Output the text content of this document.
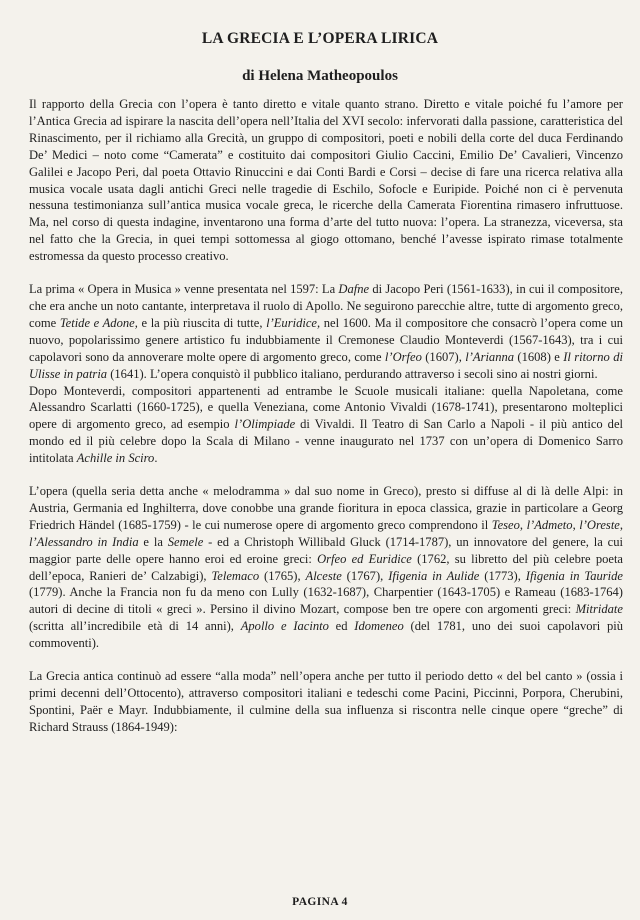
LA GRECIA E L’OPERA LIRICA
di Helena Matheopoulos

Il rapporto della Grecia con l’opera è tanto diretto e vitale quanto strano. Diretto e vitale poiché fu l’amore per l’Antica Grecia ad ispirare la nascita dell’opera nell’Italia del XVI secolo: infervorati dalla passione, caratteristica del Rinascimento, per il richiamo alla Grecità, un gruppo di compositori, poeti e nobili della corte del duca Ferdinando De’ Medici – noto come “Camerata” e costituito dai compositori Giulio Caccini, Emilio De’ Cavalieri, Vincenzo Galilei e Jacopo Peri, dal poeta Ottavio Rinuccini e dai Conti Bardi e Corsi – decise di fare una ricerca relativa alla musica vocale usata dagli antichi Greci nelle tragedie di Eschilo, Sofocle e Euripide. Poiché non ci è pervenuta nessuna testimonianza sull’antica musica vocale greca, le ricerche della Camerata Fiorentina rimasero infruttuose. Ma, nel corso di questa indagine, inventarono una forma d’arte del tutto nuova: l’opera. La stranezza, viceversa, sta nel fatto che la Grecia, in quei tempi sottomessa al giogo ottomano, benché l’avesse ispirato rimase totalmente estromessa da questo processo creativo.

La prima « Opera in Musica » venne presentata nel 1597: La Dafne di Jacopo Peri (1561-1633), in cui il compositore, che era anche un noto cantante, interpretava il ruolo di Apollo. Ne seguirono parecchie altre, tutte di argomento greco, come Tetide e Adone, e la più riuscita di tutte, l’Euridice, nel 1600. Ma il compositore che consacrò l’opera come un nuovo, popolarissimo genere artistico fu indubbiamente il Cremonese Claudio Monteverdi (1567-1643), tra i cui capolavori sono da annoverare molte opere di argomento greco, come l’Orfeo (1607), l’Arianna (1608) e Il ritorno di Ulisse in patria (1641). L’opera conquistò il pubblico italiano, perdurando attraverso i secoli sino ai nostri giorni.

Dopo Monteverdi, compositori appartenenti ad entrambe le Scuole musicali italiane: quella Napoletana, come Alessandro Scarlatti (1660-1725), e quella Veneziana, come Antonio Vivaldi (1678-1741), presentarono molteplici opere di argomento greco, ad esempio l’Olimpiade di Vivaldi. Il Teatro di San Carlo a Napoli - il più antico del mondo ed il più celebre dopo la Scala di Milano - venne inaugurato nel 1737 con un’opera di Domenico Sarro intitolata Achille in Sciro.

L’opera (quella seria detta anche « melodramma » dal suo nome in Greco), presto si diffuse al di là delle Alpi: in Austria, Germania ed Inghilterra, dove conobbe una grande fioritura in epoca classica, grazie in particolare a Georg Friedrich Händel (1685-1759) - le cui numerose opere di argomento greco comprendono il Teseo, l’Admeto, l’Oreste, l’Alessandro in India e la Semele - ed a Christoph Willibald Gluck (1714-1787), un innovatore del genere, la cui maggior parte delle opere hanno eroi ed eroine greci: Orfeo ed Euridice (1762, su libretto del più celebre poeta dell’epoca, Ranieri de’ Calzabigi), Telemaco (1765), Alceste (1767), Ifigenia in Aulide (1773), Ifigenia in Tauride (1779). Anche la Francia non fu da meno con Lully (1632-1687), Charpentier (1643-1705) e Rameau (1683-1764) autori di decine di titoli « greci ». Persino il divino Mozart, compose ben tre opere con argomenti greci: Mitridate (scritta all’incredibile età di 14 anni), Apollo e Iacinto ed Idomeneo (del 1781, uno dei suoi capolavori più commoventi).

La Grecia antica continuò ad essere “alla moda” nell’opera anche per tutto il periodo detto « del bel canto » (ossia i primi decenni dell’Ottocento), attraverso compositori italiani e tedeschi come Pacini, Piccinni, Porpora, Cherubini, Spontini, Paër e Mayr. Indubbiamente, il culmine della sua influenza si riscontra nelle cinque opere “greche” di Richard Strauss (1864-1949):

PAGINA 4
